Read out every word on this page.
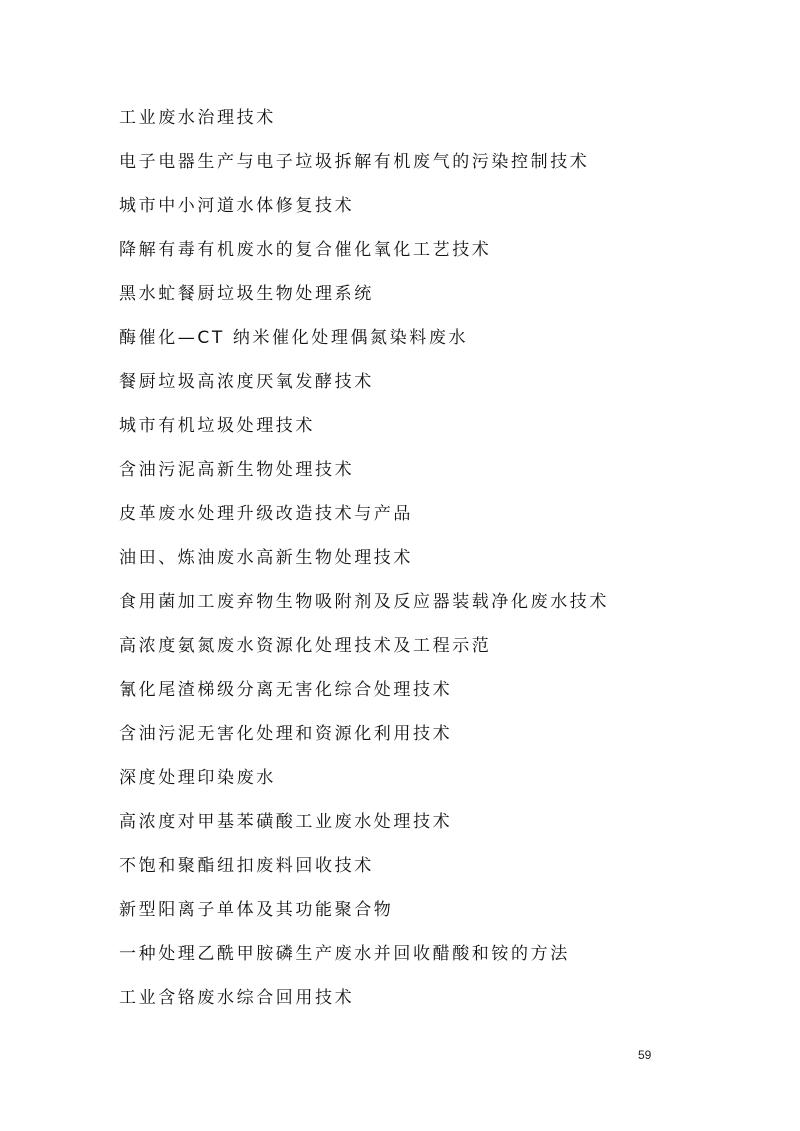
工业废水治理技术
电子电器生产与电子垃圾拆解有机废气的污染控制技术
城市中小河道水体修复技术
降解有毒有机废水的复合催化氧化工艺技术
黑水虻餐厨垃圾生物处理系统
酶催化—CT 纳米催化处理偶氮染料废水
餐厨垃圾高浓度厌氧发酵技术
城市有机垃圾处理技术
含油污泥高新生物处理技术
皮革废水处理升级改造技术与产品
油田、炼油废水高新生物处理技术
食用菌加工废弃物生物吸附剂及反应器装载净化废水技术
高浓度氨氮废水资源化处理技术及工程示范
氰化尾渣梯级分离无害化综合处理技术
含油污泥无害化处理和资源化利用技术
深度处理印染废水
高浓度对甲基苯磺酸工业废水处理技术
不饱和聚酯纽扣废料回收技术
新型阳离子单体及其功能聚合物
一种处理乙酰甲胺磷生产废水并回收醋酸和铵的方法
工业含铬废水综合回用技术
59
